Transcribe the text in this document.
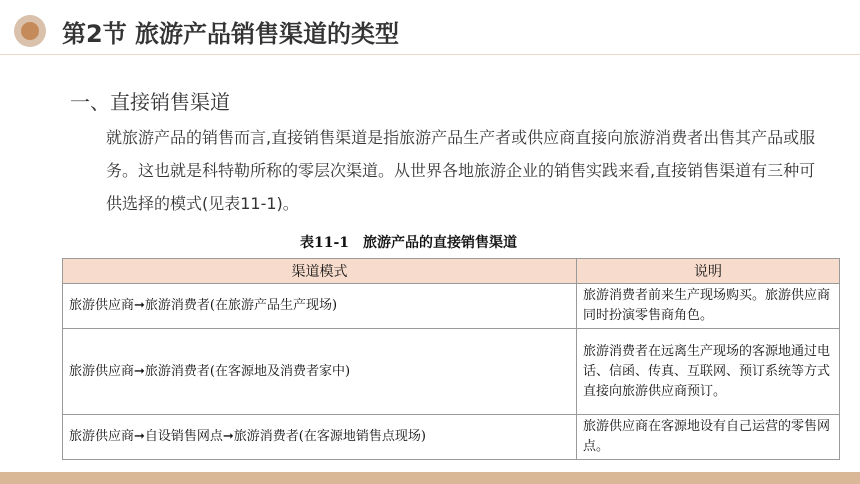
第2节 旅游产品销售渠道的类型
一、直接销售渠道
就旅游产品的销售而言,直接销售渠道是指旅游产品生产者或供应商直接向旅游消费者出售其产品或服务。这也就是科特勒所称的零层次渠道。从世界各地旅游企业的销售实践来看,直接销售渠道有三种可供选择的模式(见表11-1)。
表11-1　旅游产品的直接销售渠道
渠道模式	说明
旅游供应商➞旅游消费者(在旅游产品生产现场)	旅游消费者前来生产现场购买。旅游供应商同时扮演零售商角色。
旅游供应商➞旅游消费者(在客源地及消费者家中)	旅游消费者在远离生产现场的客源地通过电话、信函、传真、互联网、预订系统等方式直接向旅游供应商预订。
旅游供应商➞自设销售网点➞旅游消费者(在客源地销售点现场)	旅游供应商在客源地设有自己运营的零售网点。
